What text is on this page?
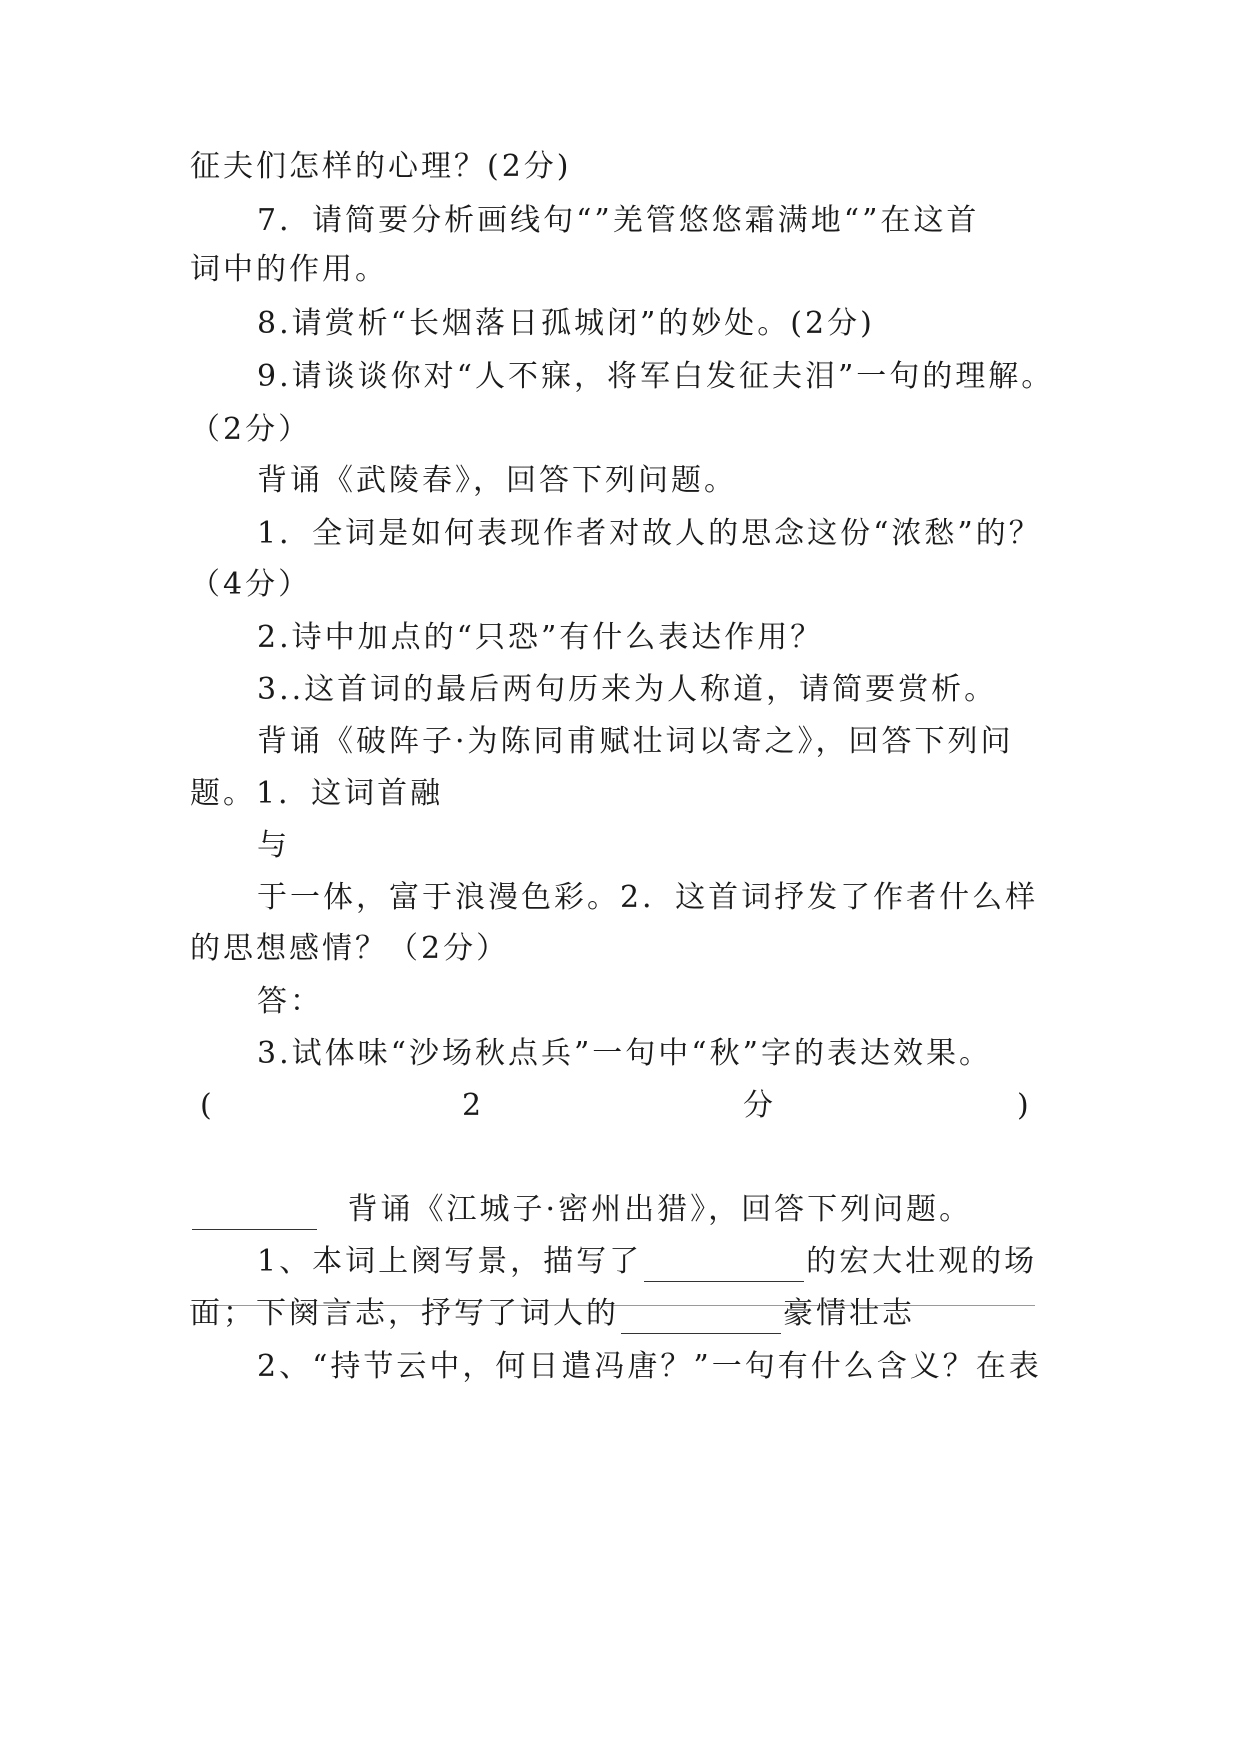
征夫们怎样的心理？(2分)
7．请简要分析画线句“”羌管悠悠霜满地“”在这首
词中的作用。
8.请赏析“长烟落日孤城闭”的妙处。(2分)
9.请谈谈你对“人不寐，将军白发征夫泪”一句的理解。
（2分）
背诵《武陵春》，回答下列问题。
1．全词是如何表现作者对故人的思念这份“浓愁”的？
（4分）
2.诗中加点的“只恐”有什么表达作用？
3..这首词的最后两句历来为人称道，请简要赏析。
背诵《破阵子·为陈同甫赋壮词以寄之》，回答下列问
题。1．这词首融
与
于一体，富于浪漫色彩。2．这首词抒发了作者什么样
的思想感情？（2分）
答：
3.试体味“沙场秋点兵”一句中“秋”字的表达效果。
(	2	分	)
背诵《江城子·密州出猎》，回答下列问题。
1、本词上阕写景，描写了	的宏大壮观的场
面；下阕言志，抒写了词人的	豪情壮志
2、“持节云中，何日遣冯唐？”一句有什么含义？在表
